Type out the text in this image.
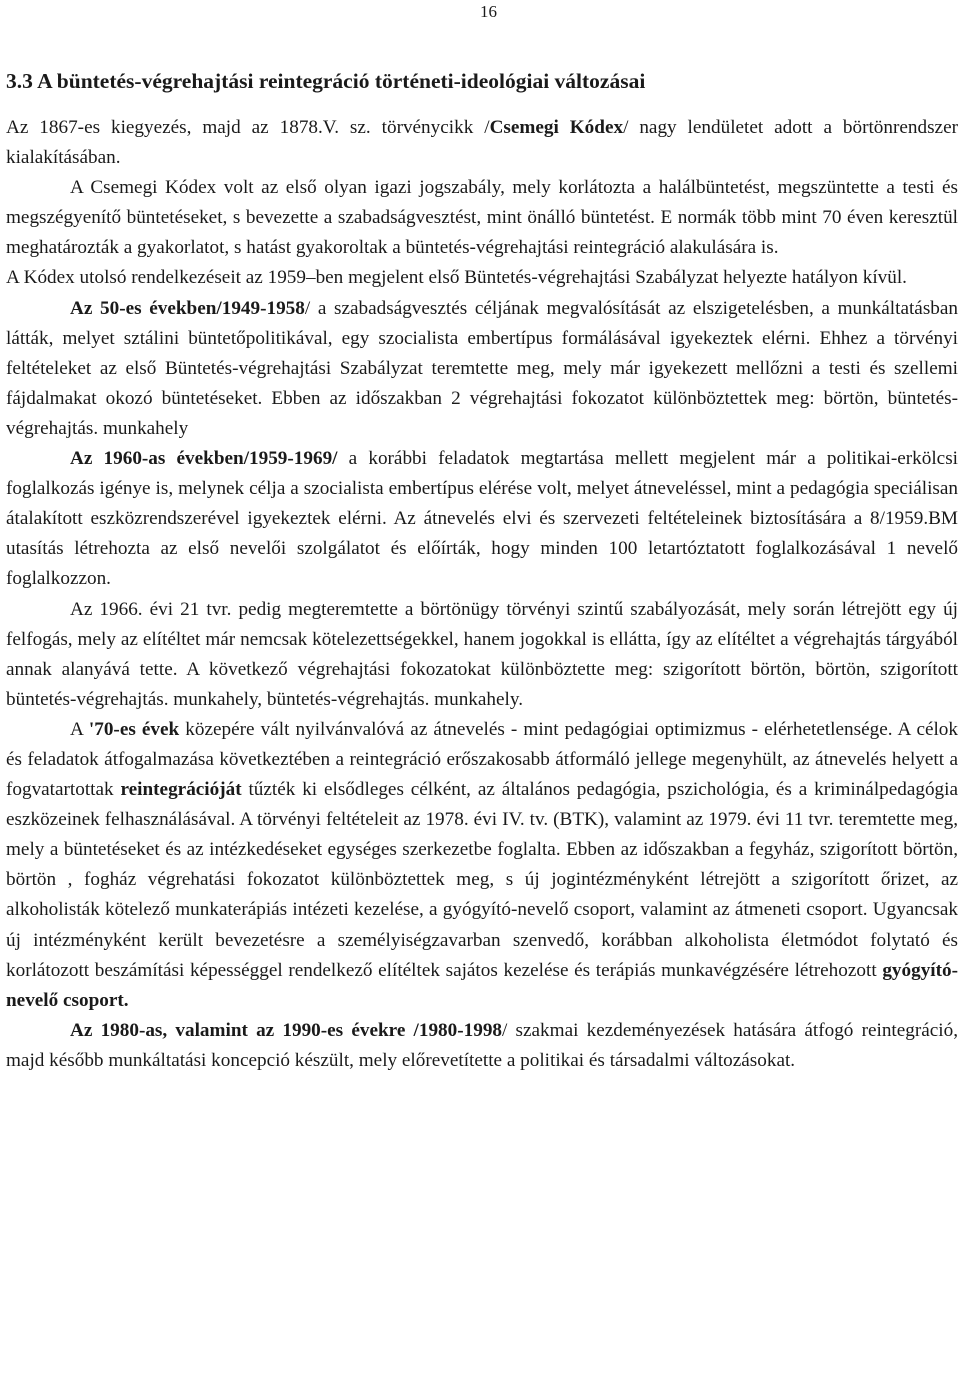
16
3.3 A büntetés-végrehajtási reintegráció történeti-ideológiai változásai

Az 1867-es kiegyezés, majd az 1878.V. sz. törvénycikk /Csemegi Kódex/ nagy lendületet adott a börtönrendszer kialakításában.

A Csemegi Kódex volt az első olyan igazi jogszabály, mely korlátozta a halálbüntetést, megszüntette a testi és megszégyenítő büntetéseket, s bevezette a szabadságvesztést, mint önálló büntetést. E normák több mint 70 éven keresztül meghatározták a gyakorlatot, s hatást gyakoroltak a büntetés-végrehajtási reintegráció alakulására is.

A Kódex utolsó rendelkezéseit az 1959–ben megjelent első Büntetés-végrehajtási Szabályzat helyezte hatályon kívül.

Az 50-es években/1949-1958/ a szabadságvesztés céljának megvalósítását az elszigetelésben, a munkáltatásban látták, melyet sztálini büntetőpolitikával, egy szocialista embertípus formálásával igyekeztek elérni. Ehhez a törvényi feltételeket az első Büntetés-végrehajtási Szabályzat teremtette meg, mely már igyekezett mellőzni a testi és szellemi fájdalmakat okozó büntetéseket. Ebben az időszakban 2 végrehajtási fokozatot különböztettek meg: börtön, büntetés-végrehajtás. munkahely

Az 1960-as években/1959-1969/ a korábbi feladatok megtartása mellett megjelent már a politikai-erkölcsi foglalkozás igénye is, melynek célja a szocialista embertípus elérése volt, melyet átneveléssel, mint a pedagógia speciálisan átalakított eszközrendszerével igyekeztek elérni. Az átnevelés elvi és szervezeti feltételeinek biztosítására a 8/1959.BM utasítás létrehozta az első nevelői szolgálatot és előírták, hogy minden 100 letartóztatott foglalkozásával 1 nevelő foglalkozzon.

Az 1966. évi 21 tvr. pedig megteremtette a börtönügy törvényi szintű szabályozását, mely során létrejött egy új felfogás, mely az elítéltet már nemcsak kötelezettségekkel, hanem jogokkal is ellátta, így az elítéltet a végrehajtás tárgyából annak alanyává tette. A következő végrehajtási fokozatokat különböztette meg: szigorított börtön, börtön, szigorított büntetés-végrehajtás. munkahely, büntetés-végrehajtás. munkahely.

A '70-es évek közepére vált nyilvánvalóvá az átnevelés - mint pedagógiai optimizmus - elérhetetlensége. A célok és feladatok átfogalmazása következtében a reintegráció erőszakosabb átformáló jellege megenyhült, az átnevelés helyett a fogvatartottak reintegrációját tűzték ki elsődleges célként, az általános pedagógia, pszichológia, és a kriminálpedagógia eszközeinek felhasználásával. A törvényi feltételeit az 1978. évi IV. tv. (BTK), valamint az 1979. évi 11 tvr. teremtette meg, mely a büntetéseket és az intézkedéseket egységes szerkezetbe foglalta. Ebben az időszakban a fegyház, szigorított börtön, börtön , fogház végrehatási fokozatot különböztettek meg, s új jogintézményként létrejött a szigorított őrizet, az alkoholisták kötelező munkaterápiás intézeti kezelése, a gyógyító-nevelő csoport, valamint az átmeneti csoport. Ugyancsak új intézményként került bevezetésre a személyiségzavarban szenvedő, korábban alkoholista életmódot folytató és korlátozott beszámítási képességgel rendelkező elítéltek sajátos kezelése és terápiás munkavégzésére létrehozott gyógyító-nevelő csoport.

Az 1980-as, valamint az 1990-es évekre /1980-1998/ szakmai kezdeményezések hatására átfogó reintegráció, majd később munkáltatási koncepció készült, mely előrevetítette a politikai és társadalmi változásokat.
